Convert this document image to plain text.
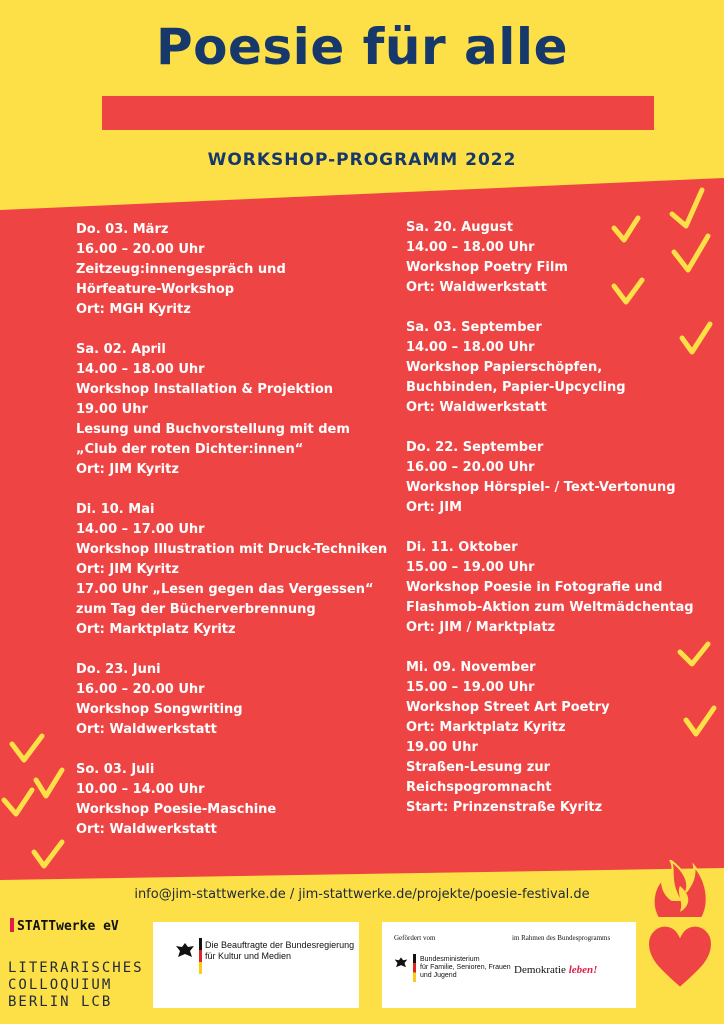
Poesie für alle
WORKSHOP-PROGRAMM 2022
Do. 03. März
16.00 – 20.00 Uhr
Zeitzeug:innengespräch und
Hörfeature-Workshop
Ort: MGH Kyritz
Sa. 02. April
14.00 – 18.00 Uhr
Workshop Installation & Projektion
19.00 Uhr
Lesung und Buchvorstellung mit dem
„Club der roten Dichter:innen“
Ort: JIM Kyritz
Di. 10. Mai
14.00 – 17.00 Uhr
Workshop Illustration mit Druck-Techniken
Ort: JIM Kyritz
17.00 Uhr „Lesen gegen das Vergessen“
zum Tag der Bücherverbrennung
Ort: Marktplatz Kyritz
Do. 23. Juni
16.00 – 20.00 Uhr
Workshop Songwriting
Ort: Waldwerkstatt
So. 03. Juli
10.00 – 14.00 Uhr
Workshop Poesie-Maschine
Ort: Waldwerkstatt
Sa. 20. August
14.00 – 18.00 Uhr
Workshop Poetry Film
Ort: Waldwerkstatt
Sa. 03. September
14.00 – 18.00 Uhr
Workshop Papierschöpfen,
Buchbinden, Papier-Upcycling
Ort: Waldwerkstatt
Do. 22. September
16.00 – 20.00 Uhr
Workshop Hörspiel- / Text-Vertonung
Ort: JIM
Di. 11. Oktober
15.00 – 19.00 Uhr
Workshop Poesie in Fotografie und
Flashmob-Aktion zum Weltmädchentag
Ort: JIM / Marktplatz
Mi. 09. November
15.00 – 19.00 Uhr
Workshop Street Art Poetry
Ort: Marktplatz Kyritz
19.00 Uhr
Straßen-Lesung zur
Reichspogromnacht
Start: Prinzenstraße Kyritz
info@jim-stattwerke.de / jim-stattwerke.de/projekte/poesie-festival.de
STATTwerke eV
LITERARISCHES
COLLOQUIUM
BERLIN LCB
Die Beauftragte der Bundesregierung
für Kultur und Medien
Gefördert vom	im Rahmen des Bundesprogramms
Bundesministerium
für Familie, Senioren, Frauen
und Jugend	Demokratie leben!
